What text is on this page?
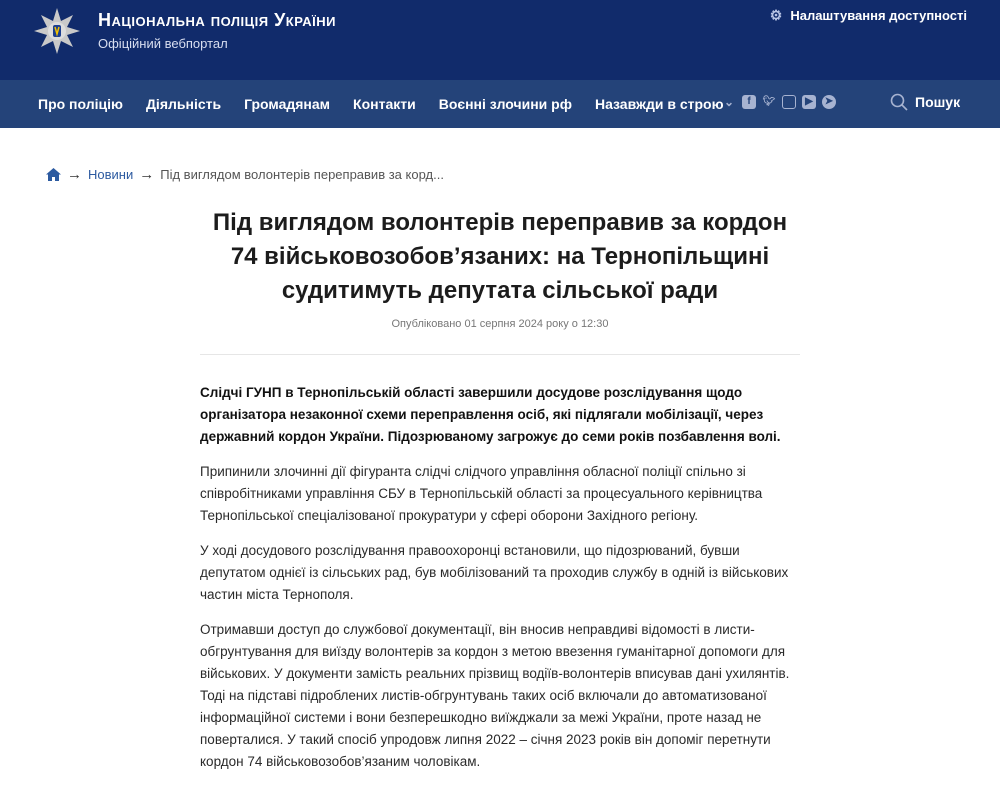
Національна поліція України
Офіційний вебпортал
⚙ Налаштування доступності
Про поліцію Діяльність Громадянам Контакти Воєнні злочини рф Назавжди в строю ⌄	f	🐦︎	▶	➤	Пошук
→ Новини → Під виглядом волонтерів переправив за корд...
Під виглядом волонтерів переправив за кордон 74 військовозобов’язаних: на Тернопільщині судитимуть депутата сільської ради
Опубліковано 01 серпня 2024 року о 12:30

Слідчі ГУНП в Тернопільській області завершили досудове розслідування щодо організатора незаконної схеми переправлення осіб, які підлягали мобілізації, через державний кордон України. Підозрюваному загрожує до семи років позбавлення волі.

Припинили злочинні дії фігуранта слідчі слідчого управління обласної поліції спільно зі співробітниками управління СБУ в Тернопільській області за процесуального керівництва Тернопільської спеціалізованої прокуратури у сфері оборони Західного регіону.

У ході досудового розслідування правоохоронці встановили, що підозрюваний, бувши депутатом однієї із сільських рад, був мобілізований та проходив службу в одній із військових частин міста Тернополя.

Отримавши доступ до службової документації, він вносив неправдиві відомості в листи-обгрунтування для виїзду волонтерів за кордон з метою ввезення гуманітарної допомоги для військових. У документи замість реальних прізвищ водіїв-волонтерів вписував дані ухилянтів. Тоді на підставі підроблених листів-обгрунтувань таких осіб включали до автоматизованої інформаційної системи і вони безперешкодно виїжджали за межі України, проте назад не поверталися. У такий спосіб упродовж липня 2022 – січня 2023 років він допоміг перетнути кордон 74 військовозобов’язаним чоловікам.
